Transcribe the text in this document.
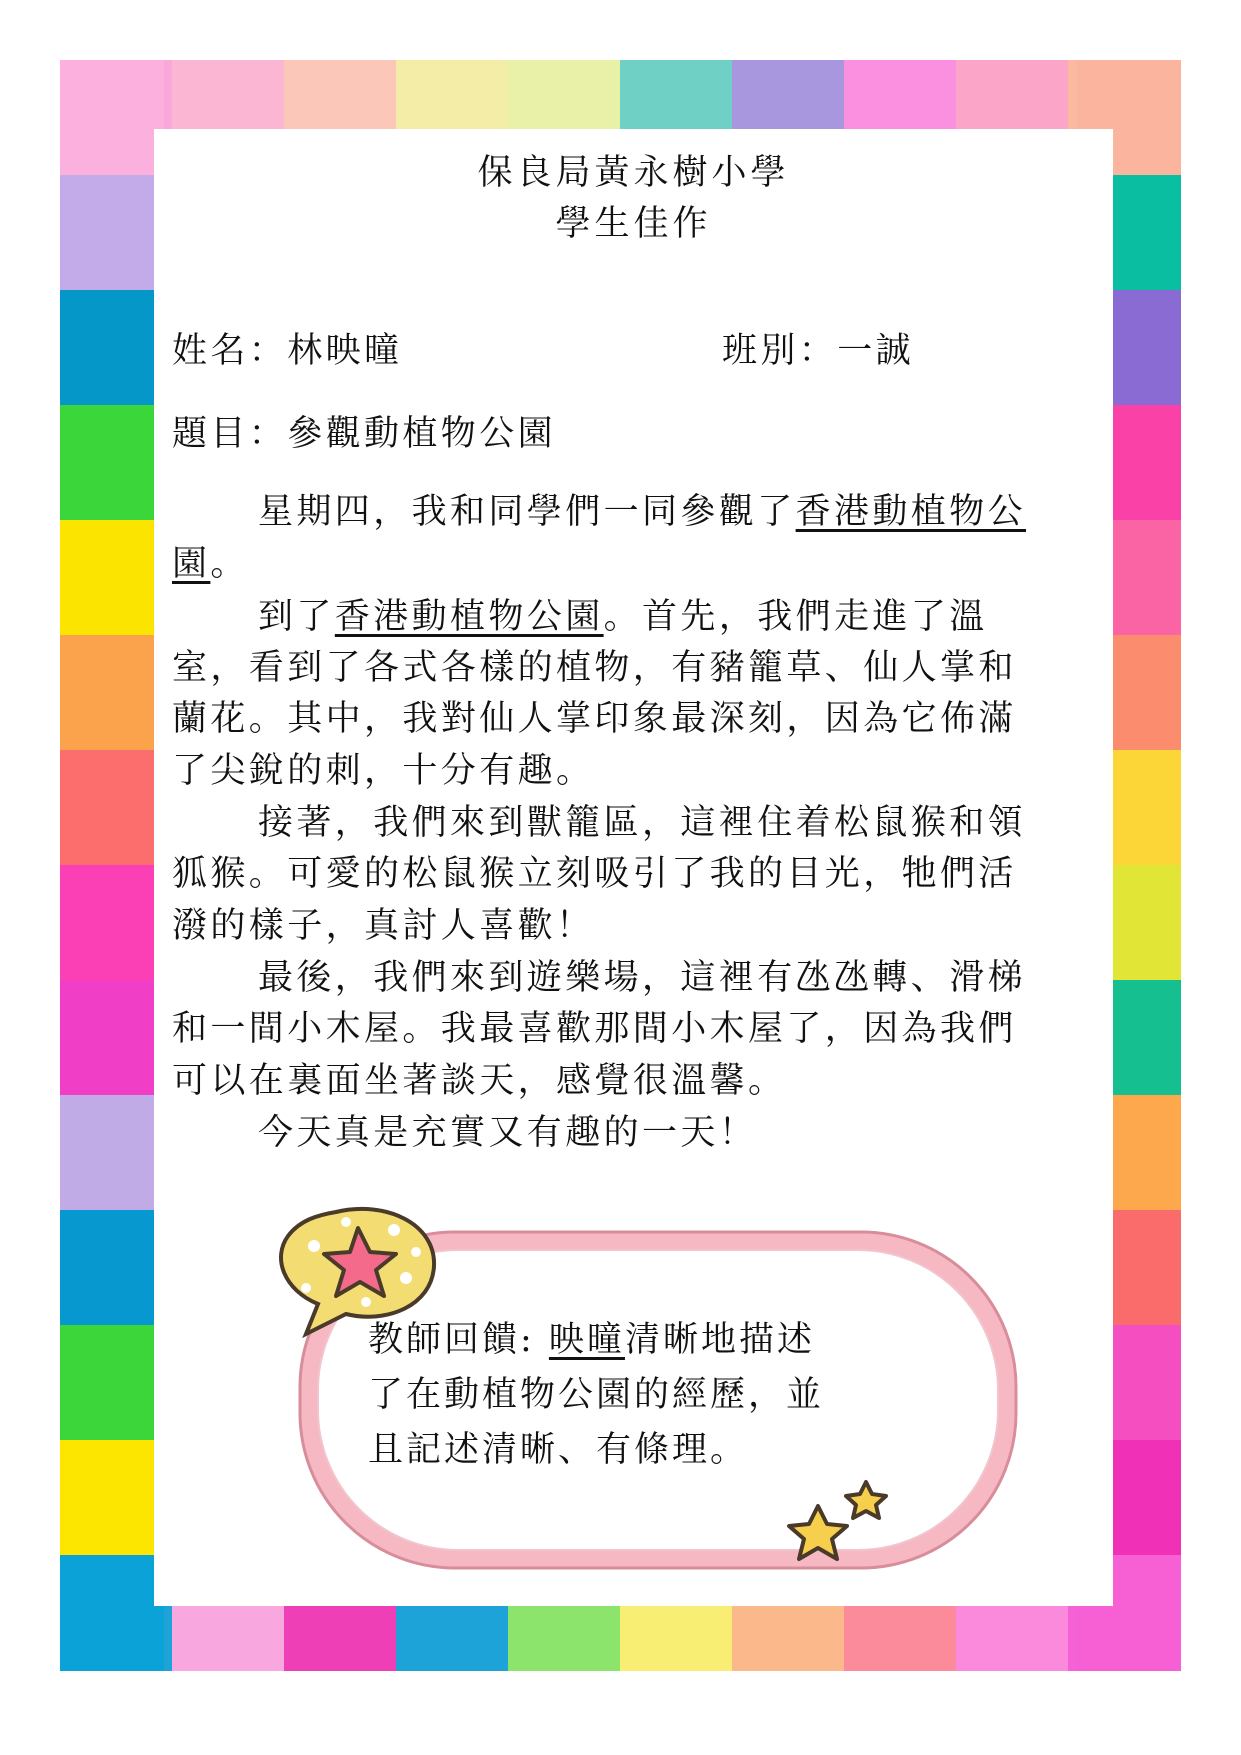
保良局黃永樹小學
學生佳作
姓名：林映曈	班別：一誠
題目：參觀動植物公園
星期四，我和同學們一同參觀了香港動植物公
園。
到了香港動植物公園。首先，我們走進了溫
室，看到了各式各樣的植物，有豬籠草、仙人掌和
蘭花。其中，我對仙人掌印象最深刻，因為它佈滿
了尖銳的刺，十分有趣。
接著，我們來到獸籠區，這裡住着松鼠猴和領
狐猴。可愛的松鼠猴立刻吸引了我的目光，牠們活
潑的樣子，真討人喜歡！
最後，我們來到遊樂場，這裡有氹氹轉、滑梯
和一間小木屋。我最喜歡那間小木屋了，因為我們
可以在裏面坐著談天，感覺很溫馨。
今天真是充實又有趣的一天！
教師回饋: 映曈清晰地描述
了在動植物公園的經歷，並
且記述清晰、有條理。
